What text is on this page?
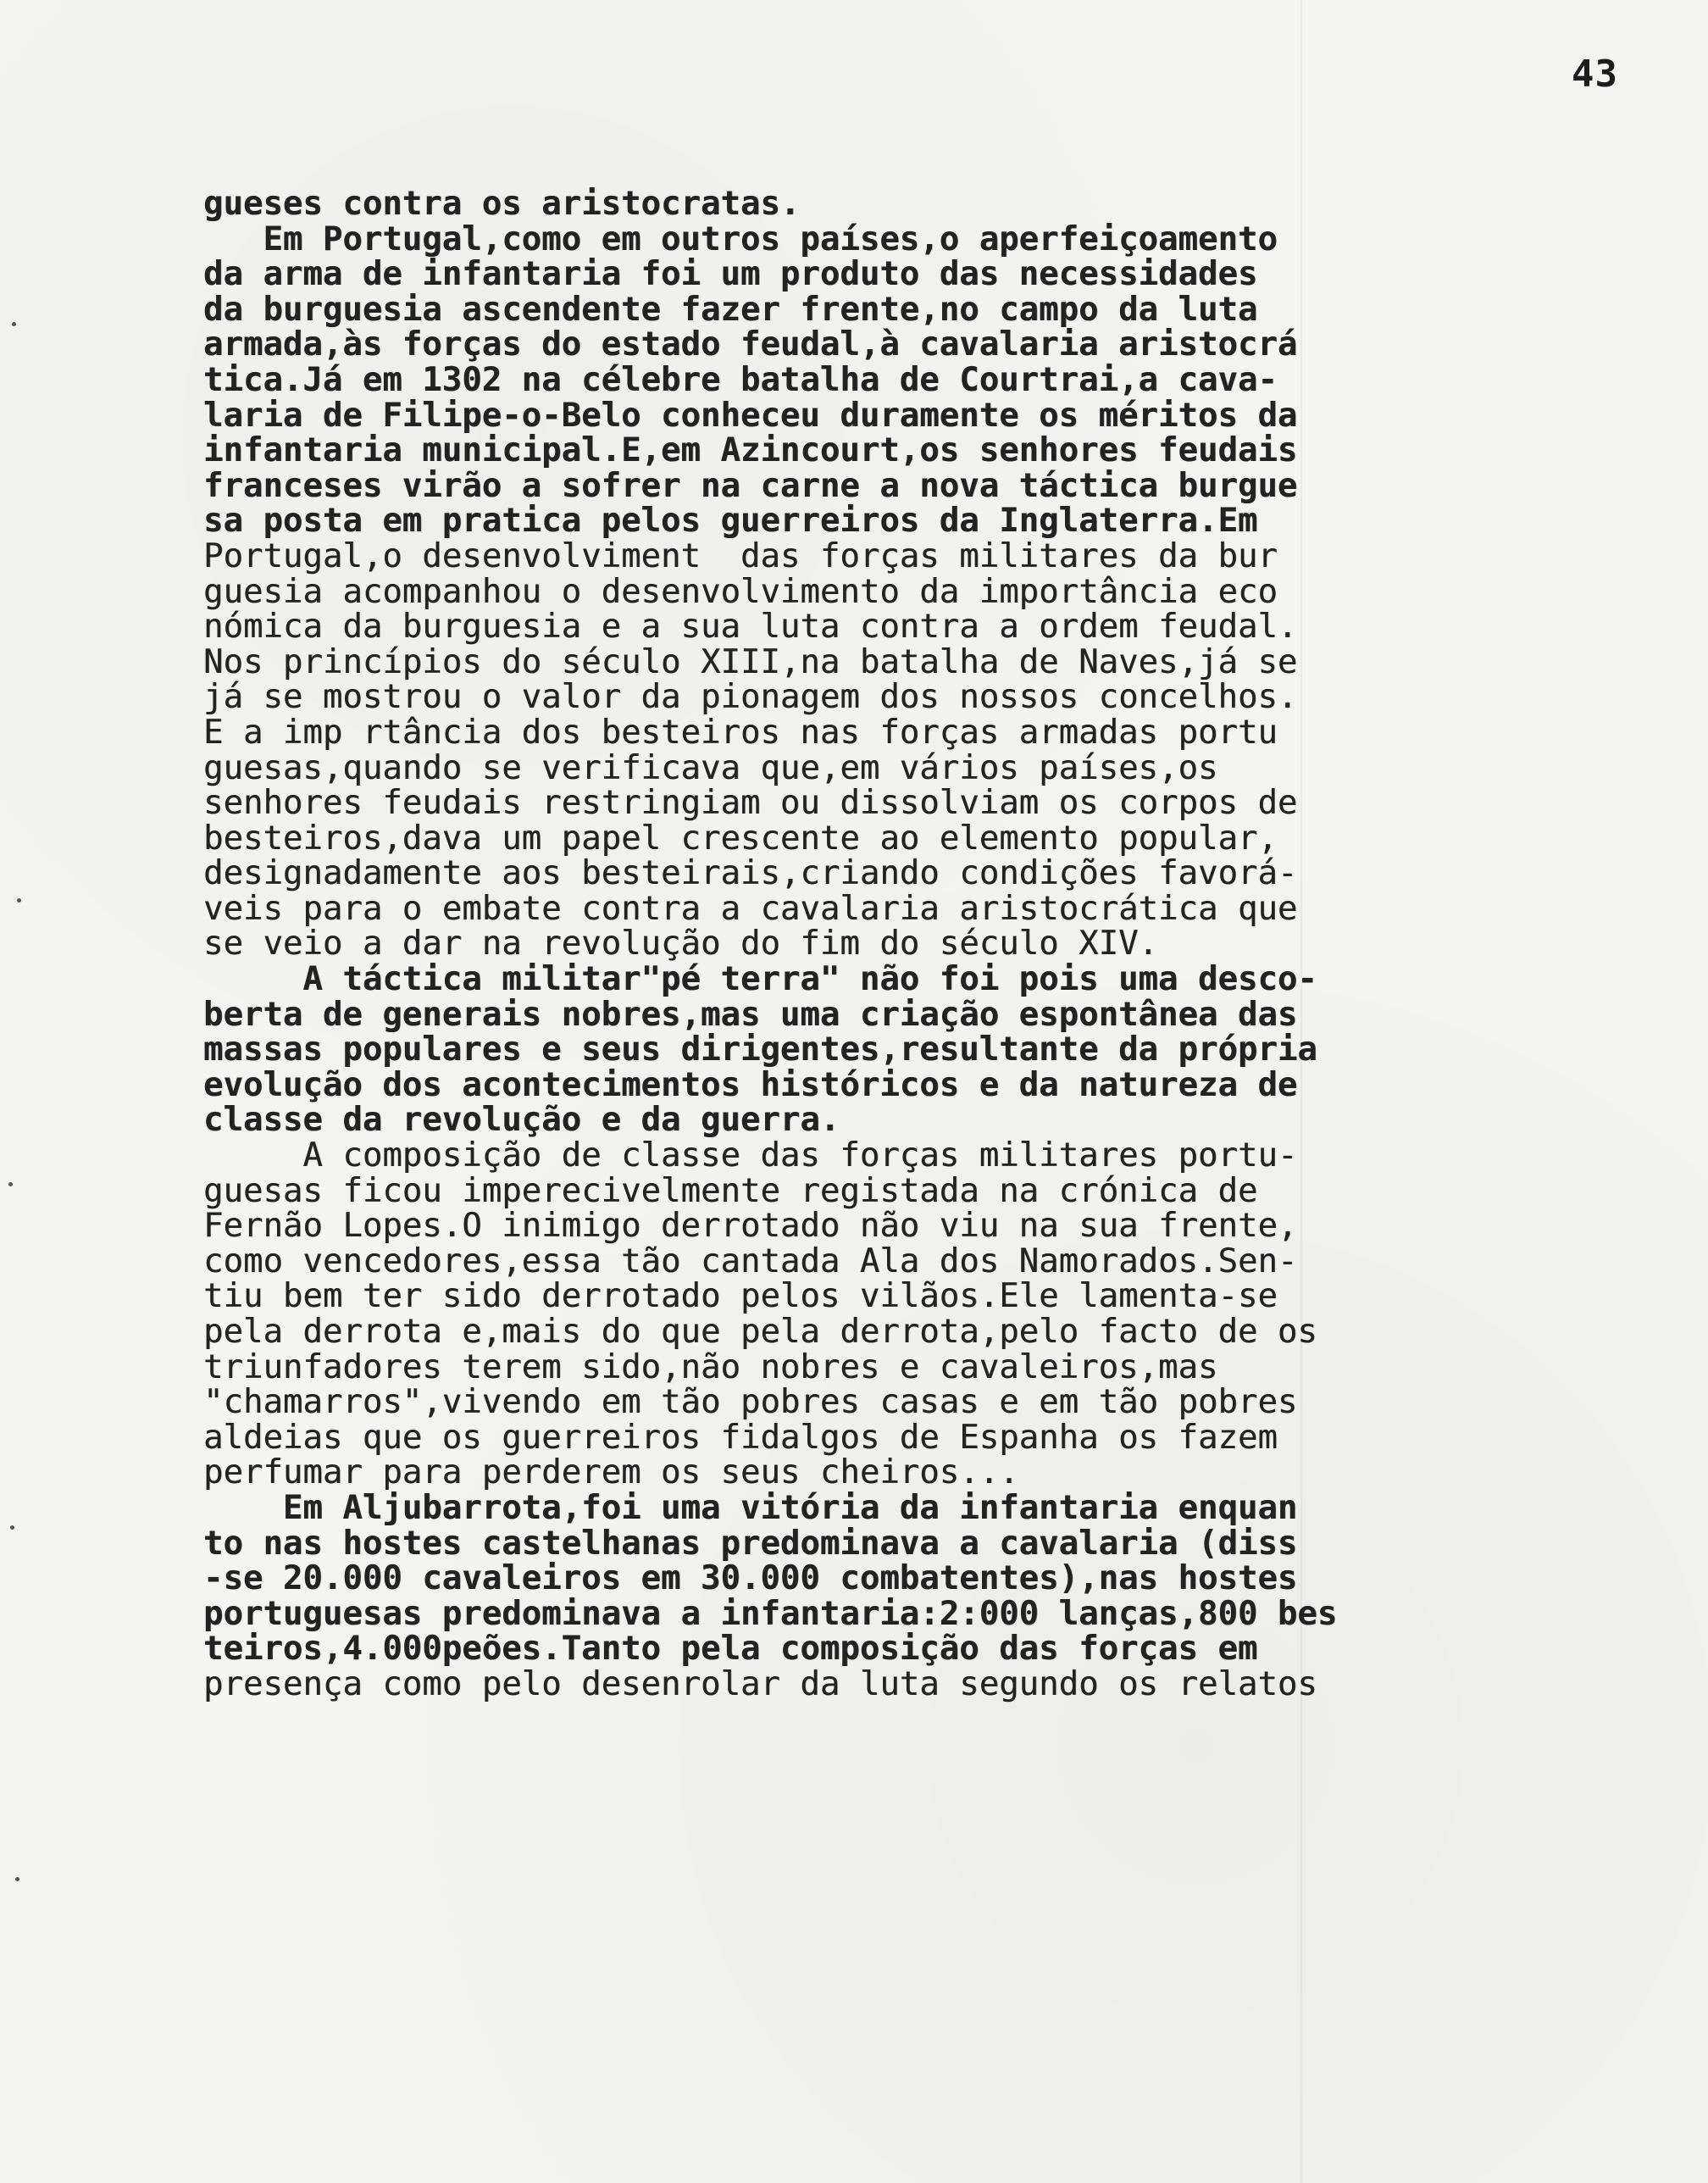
43
gueses contra os aristocratas.
Em Portugal,como em outros países,o aperfeiçoamento
da arma de infantaria foi um produto das necessidades
da burguesia ascendente fazer frente,no campo da luta
armada,às forças do estado feudal,à cavalaria aristocrá
tica.Já em 1302 na célebre batalha de Courtrai,a cava-
laria de Filipe-o-Belo conheceu duramente os méritos da
infantaria municipal.E,em Azincourt,os senhores feudais
franceses virão a sofrer na carne a nova táctica burgue
sa posta em pratica pelos guerreiros da Inglaterra.Em
Portugal,o desenvolviment  das forças militares da bur
guesia acompanhou o desenvolvimento da importância eco
nómica da burguesia e a sua luta contra a ordem feudal.
Nos princípios do século XIII,na batalha de Naves,já se
já se mostrou o valor da pionagem dos nossos concelhos.
E a imp rtância dos besteiros nas forças armadas portu
guesas,quando se verificava que,em vários países,os
senhores feudais restringiam ou dissolviam os corpos de
besteiros,dava um papel crescente ao elemento popular,
designadamente aos besteirais,criando condições favorá-
veis para o embate contra a cavalaria aristocrática que
se veio a dar na revolução do fim do século XIV.
A táctica militar"pé terra" não foi pois uma desco-
berta de generais nobres,mas uma criação espontânea das
massas populares e seus dirigentes,resultante da própria
evolução dos acontecimentos históricos e da natureza de
classe da revolução e da guerra.
A composição de classe das forças militares portu-
guesas ficou imperecivelmente registada na crónica de
Fernão Lopes.O inimigo derrotado não viu na sua frente,
como vencedores,essa tão cantada Ala dos Namorados.Sen-
tiu bem ter sido derrotado pelos vilãos.Ele lamenta-se
pela derrota e,mais do que pela derrota,pelo facto de os
triunfadores terem sido,não nobres e cavaleiros,mas
"chamarros",vivendo em tão pobres casas e em tão pobres
aldeias que os guerreiros fidalgos de Espanha os fazem
perfumar para perderem os seus cheiros...
Em Aljubarrota,foi uma vitória da infantaria enquan
to nas hostes castelhanas predominava a cavalaria (diss
-se 20.000 cavaleiros em 30.000 combatentes),nas hostes
portuguesas predominava a infantaria:2:000 lanças,800 bes
teiros,4.000peões.Tanto pela composição das forças em
presença como pelo desenrolar da luta segundo os relatos
